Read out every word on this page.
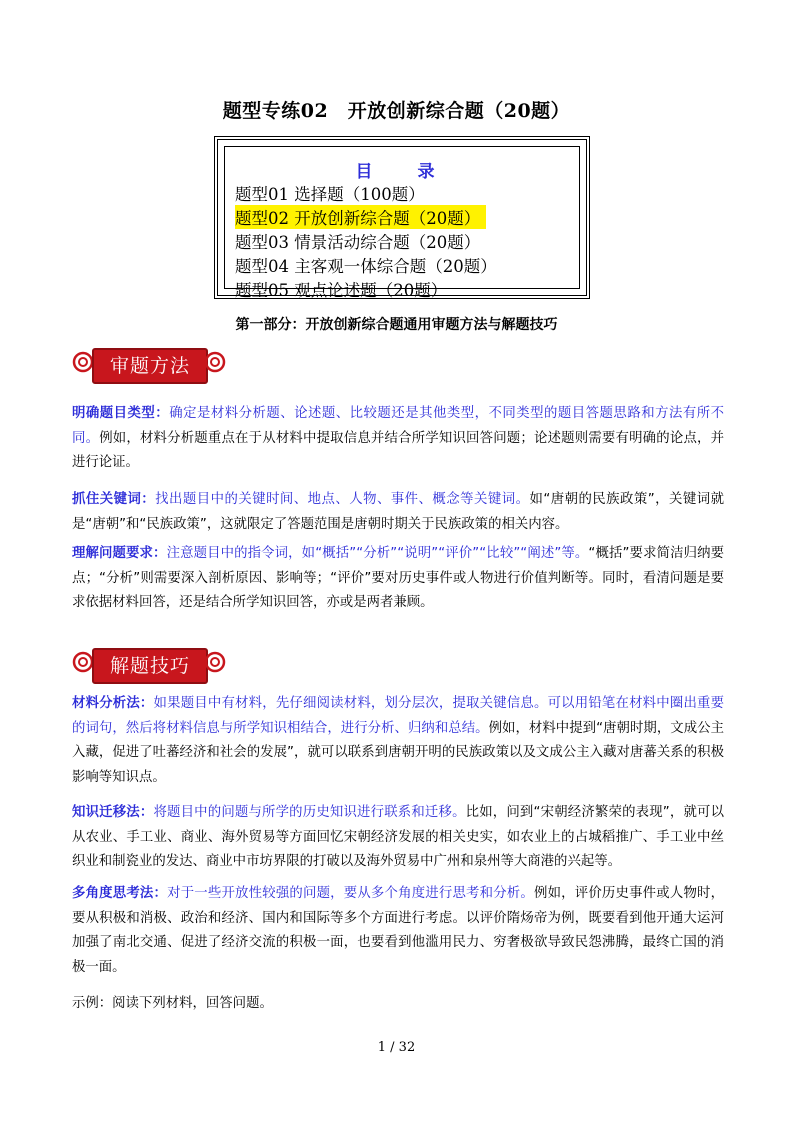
题型专练02　开放创新综合题（20题）
目　录
题型01 选择题（100题）
题型02 开放创新综合题（20题）
题型03 情景活动综合题（20题）
题型04 主客观一体综合题（20题）
题型05 观点论述题（20题）
第一部分：开放创新综合题通用审题方法与解题技巧
审题方法
明确题目类型：确定是材料分析题、论述题、比较题还是其他类型，不同类型的题目答题思路和方法有所不同。例如，材料分析题重点在于从材料中提取信息并结合所学知识回答问题；论述题则需要有明确的论点，并进行论证。
抓住关键词：找出题目中的关键时间、地点、人物、事件、概念等关键词。如“唐朝的民族政策”，关键词就是“唐朝”和“民族政策”，这就限定了答题范围是唐朝时期关于民族政策的相关内容。
理解问题要求：注意题目中的指令词，如“概括”“分析”“说明”“评价”“比较”“阐述”等。“概括”要求简洁归纳要点；“分析”则需要深入剖析原因、影响等；“评价”要对历史事件或人物进行价值判断等。同时，看清问题是要求依据材料回答，还是结合所学知识回答，亦或是两者兼顾。
解题技巧
材料分析法：如果题目中有材料，先仔细阅读材料，划分层次，提取关键信息。可以用铅笔在材料中圈出重要的词句，然后将材料信息与所学知识相结合，进行分析、归纳和总结。例如，材料中提到“唐朝时期，文成公主入藏，促进了吐蕃经济和社会的发展”，就可以联系到唐朝开明的民族政策以及文成公主入藏对唐蕃关系的积极影响等知识点。
知识迁移法：将题目中的问题与所学的历史知识进行联系和迁移。比如，问到“宋朝经济繁荣的表现”，就可以从农业、手工业、商业、海外贸易等方面回忆宋朝经济发展的相关史实，如农业上的占城稻推广、手工业中丝织业和制瓷业的发达、商业中市坊界限的打破以及海外贸易中广州和泉州等大商港的兴起等。
多角度思考法：对于一些开放性较强的问题，要从多个角度进行思考和分析。例如，评价历史事件或人物时，要从积极和消极、政治和经济、国内和国际等多个方面进行考虑。以评价隋炀帝为例，既要看到他开通大运河加强了南北交通、促进了经济交流的积极一面，也要看到他滥用民力、穷奢极欲导致民怨沸腾，最终亡国的消极一面。
示例：阅读下列材料，回答问题。
1 / 32
